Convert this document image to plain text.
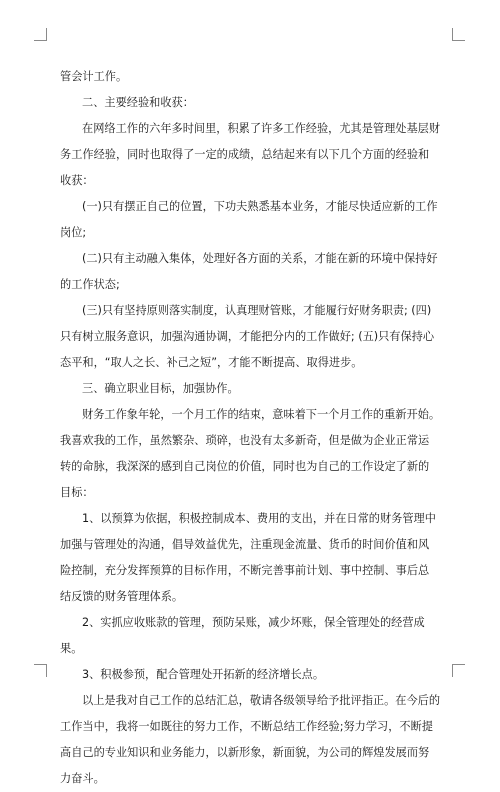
管会计工作。

二、主要经验和收获：

在网络工作的六年多时间里，积累了许多工作经验，尤其是管理处基层财务工作经验，同时也取得了一定的成绩，总结起来有以下几个方面的经验和收获：

(一)只有摆正自己的位置，下功夫熟悉基本业务，才能尽快适应新的工作岗位;

(二)只有主动融入集体，处理好各方面的关系，才能在新的环境中保持好的工作状态;

(三)只有坚持原则落实制度，认真理财管账，才能履行好财务职责; (四)只有树立服务意识，加强沟通协调，才能把分内的工作做好; (五)只有保持心态平和，“取人之长、补己之短”，才能不断提高、取得进步。

三、确立职业目标，加强协作。

财务工作象年轮，一个月工作的结束，意味着下一个月工作的重新开始。我喜欢我的工作，虽然繁杂、琐碎，也没有太多新奇，但是做为企业正常运转的命脉，我深深的感到自己岗位的价值，同时也为自己的工作设定了新的目标：

1、以预算为依据，积极控制成本、费用的支出，并在日常的财务管理中加强与管理处的沟通，倡导效益优先，注重现金流量、货币的时间价值和风险控制，充分发挥预算的目标作用，不断完善事前计划、事中控制、事后总结反馈的财务管理体系。

2、实抓应收账款的管理，预防呆账，减少坏账，保全管理处的经营成果。

3、积极参预，配合管理处开拓新的经济增长点。

以上是我对自己工作的总结汇总，敬请各级领导给予批评指正。在今后的工作当中，我将一如既往的努力工作，不断总结工作经验;努力学习，不断提高自己的专业知识和业务能力，以新形象，新面貌，为公司的辉煌发展而努力奋斗。
